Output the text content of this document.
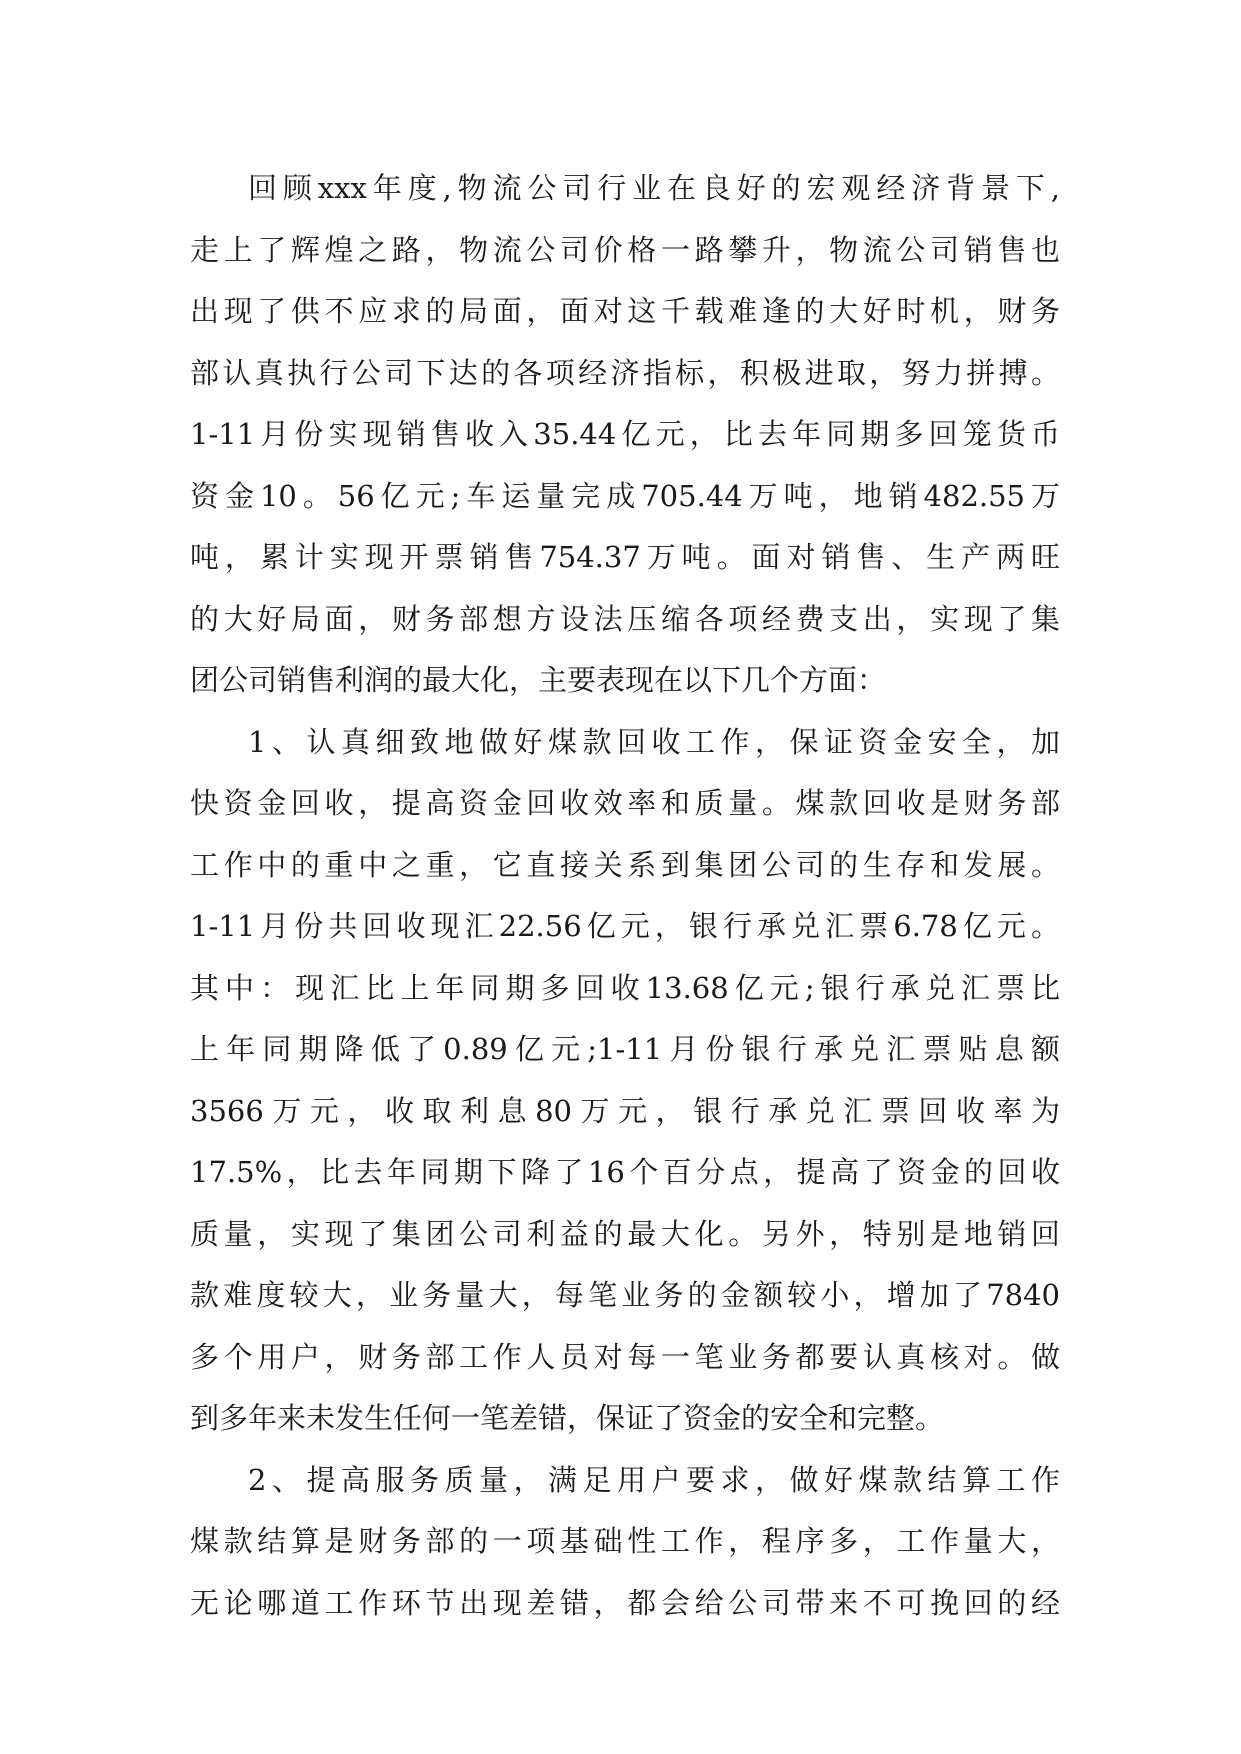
回顾xxx年度,物流公司行业在良好的宏观经济背景下,
走上了辉煌之路，物流公司价格一路攀升，物流公司销售也
出现了供不应求的局面，面对这千载难逢的大好时机，财务
部认真执行公司下达的各项经济指标，积极进取，努力拼搏。
1-11月份实现销售收入35.44亿元，比去年同期多回笼货币
资金10。56亿元;车运量完成705.44万吨，地销482.55万
吨，累计实现开票销售754.37万吨。面对销售、生产两旺
的大好局面，财务部想方设法压缩各项经费支出，实现了集
团公司销售利润的最大化，主要表现在以下几个方面：
1、认真细致地做好煤款回收工作，保证资金安全，加
快资金回收，提高资金回收效率和质量。煤款回收是财务部
工作中的重中之重，它直接关系到集团公司的生存和发展。
1-11月份共回收现汇22.56亿元，银行承兑汇票6.78亿元。
其中：现汇比上年同期多回收13.68亿元;银行承兑汇票比
上年同期降低了0.89亿元;1-11月份银行承兑汇票贴息额
3566万元，收取利息80万元，银行承兑汇票回收率为
17.5%，比去年同期下降了16个百分点，提高了资金的回收
质量，实现了集团公司利益的最大化。另外，特别是地销回
款难度较大，业务量大，每笔业务的金额较小，增加了7840
多个用户，财务部工作人员对每一笔业务都要认真核对。做
到多年来未发生任何一笔差错，保证了资金的安全和完整。
2、提高服务质量，满足用户要求，做好煤款结算工作
煤款结算是财务部的一项基础性工作，程序多，工作量大，
无论哪道工作环节出现差错，都会给公司带来不可挽回的经
